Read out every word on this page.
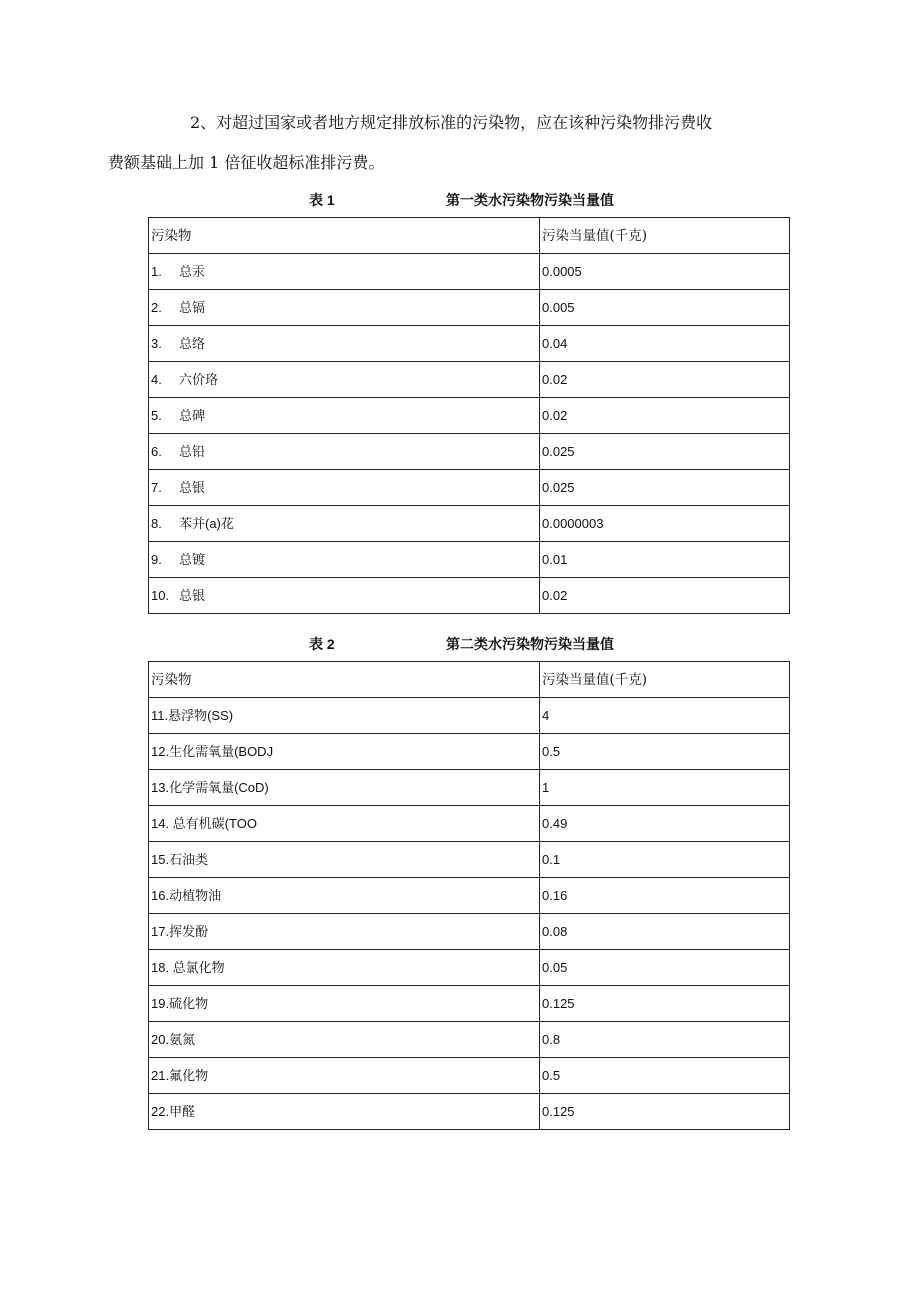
2、对超过国家或者地方规定排放标准的污染物，应在该种污染物排污费收

费额基础上加 1 倍征收超标准排污费。

表 1	第一类水污染物污染当量值
污染物	污染当量值(千克)
1. 总汞	0.0005
2. 总镉	0.005
3. 总络	0.04
4. 六价珞	0.02
5. 总碑	0.02
6. 总铅	0.025
7. 总银	0.025
8. 苯并(a)花	0.0000003
9. 总镀	0.01
10. 总银	0.02
表 2	第二类水污染物污染当量值
污染物	污染当量值(千克)
11.悬浮物(SS)	4
12.生化需氧量(BODJ	0.5
13.化学需氧量(CoD)	1
14. 总有机碳(TOO	0.49
15.石油类	0.1
16.动植物油	0.16
17.挥发酚	0.08
18. 总氯化物	0.05
19.硫化物	0.125
20.氨氮	0.8
21.氟化物	0.5
22.甲醛	0.125
